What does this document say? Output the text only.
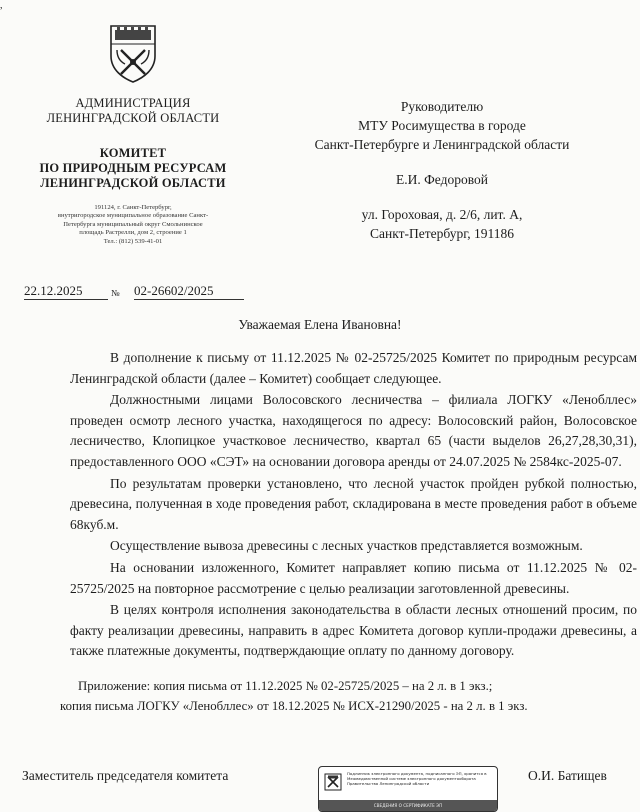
,
АДМИНИСТРАЦИЯ
ЛЕНИНГРАДСКОЙ ОБЛАСТИ
КОМИТЕТ
ПО ПРИРОДНЫМ РЕСУРСАМ
ЛЕНИНГРАДСКОЙ ОБЛАСТИ
191124, г. Санкт-Петербург,
внутригородское муниципальное образование Санкт-
Петербурга муниципальный округ Смольнинское
площадь Растрелли, дом 2, строение 1
Тел.: (812) 539-41-01
22.12.2025	№ 02-26602/2025
Руководителю
МТУ Росимущества в городе
Санкт-Петербурге и Ленинградской области
Е.И. Федоровой
ул. Гороховая, д. 2/6, лит. А,
Санкт-Петербург, 191186
Уважаемая Елена Ивановна!

В дополнение к письму от 11.12.2025 № 02-25725/2025 Комитет по природным ресурсам Ленинградской области (далее – Комитет) сообщает следующее.

Должностными лицами Волосовского лесничества – филиала ЛОГКУ «Ленобллес» проведен осмотр лесного участка, находящегося по адресу: Волосовский район, Волосовское лесничество, Клопицкое участковое лесничество, квартал 65 (части выделов 26,27,28,30,31), предоставленного ООО «СЭТ» на основании договора аренды от 24.07.2025 № 2584кс-2025-07.

По результатам проверки установлено, что лесной участок пройден рубкой полностью, древесина, полученная в ходе проведения работ, складирована в месте проведения работ в объеме 68куб.м.

Осуществление вывоза древесины с лесных участков представляется возможным.

На основании изложенного, Комитет направляет копию письма от 11.12.2025 № 02-25725/2025 на повторное рассмотрение с целью реализации заготовленной древесины.

В целях контроля исполнения законодательства в области лесных отношений просим, по факту реализации древесины, направить в адрес Комитета договор купли-продажи древесины, а также платежные документы, подтверждающие оплату по данному договору.

Приложение: копия письма от 11.12.2025 № 02-25725/2025 – на 2 л. в 1 экз.;
копия письма ЛОГКУ «Ленобллес» от 18.12.2025 № ИСХ-21290/2025 - на 2 л. в 1 экз.
Заместитель председателя комитета	Подлинник электронного документа, подписанного ЭП, хранится в Межведомственной системе электронного документооборота Правительства Ленинградской области
СВЕДЕНИЯ О СЕРТИФИКАТЕ ЭП
О.И. Батищев
